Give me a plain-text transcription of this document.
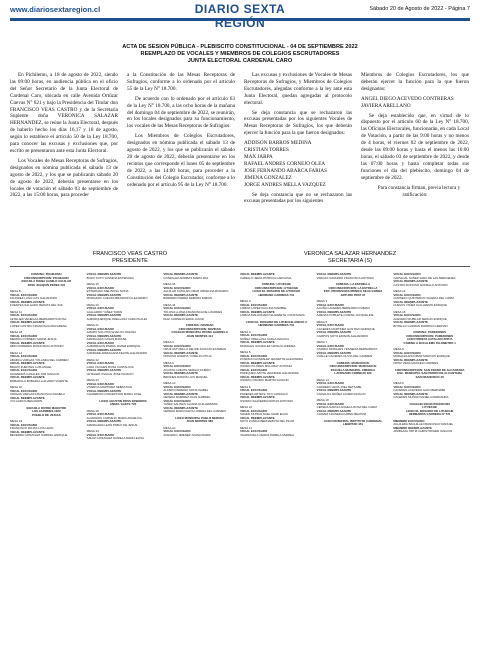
www.diariosextaregion.cl	DIARIO SEXTA REGIÓN
Sábado 20 de Agosto de 2022 - Página 7
ACTA DE SESION PÚBLICA - PLEBISCITO CONSTITUCIONAL - 04 DE SEPTIEMBRE 2022
REEMPLAZO DE VOCALES Y MIEMBROS DE COLEGIOS ESCRUTADORES
JUNTA ELECTORAL CARDENAL CARO

En Pichilemu, a 18 de agosto de 2022, siendo las 09:00 horas, en audiencia pública en el oficio del Señor Secretario de la Junta Electoral de Cardenal Caro, ubicada en calle Avenida Ortúzar Cuevas N° 621 y bajo la Presidencia del Titular don FRANCISCO VEAS CASTRO y de la Secretaria Suplente doña VERONICA SALAZAR HERNANDEZ, se reúne la Junta Electoral, después de haberlo hecho los días 16,17 y 18 de agosto, según lo establece el artículo 50 de la Ley 18.700, para conocer las excusas y exclusiones que, por escrito se presentaron ante esta Junta Electoral.

Los Vocales de Mesas Receptoras de Sufragios, designados en nómina publicada el sábado 13 de agosto de 2022, y los que se publicarán sábado 20 de agosto de 2022, deberán presentarse en los locales de votación el sábado 03 de septiembre de 2022, a las 15:00 horas, para proceder

a la Constitución de las Mesas Receptoras de Sufragios, conforme a lo ordenado por el artículo 55 de la Ley N° 18.700.

De acuerdo con lo ordenado por el artículo 63 de la Ley N° 18.700, a las ocho horas de la mañana del domingo 04 de septiembre de 2022, se reunirán, en los locales designados para su funcionamiento, los vocales de las Mesas Receptoras de Sufragios.

Los Miembros de Colegios Escrutadores, designados en nómina publicada el sábado 13 de agosto de 2022, y los que se publicarán el sábado 20 de agosto de 2022, deberán presentarse en los recintos que corresponde el lunes 05 de septiembre de 2022, a las 14:00 horas, para proceder a la Constitución del Colegio Escrutador, conforme a lo ordenado por el artículo 95 de la Ley N° 18.700.

Las excusas y exclusiones de Vocales de Mesas Receptoras de Sufragios, y Miembros de Colegios Escrutadores, alegadas conforme a la ley ante esta Junta Electoral, quedan agregadas al protocolo electoral.

Se deja constancia que se rechazaron las excusas presentadas por los siguientes Vocales de Mesas Receptoras de Sufragios, los que deberán ejercer la función para la que fueron designados:

ADDISON BARROS MEDINA

CRISTIAN TORRES

MAX JARPA

RAFAEL ANDRES CORNEJO OLEA

JOSE FERNANDO ABARCA FARIAS

JIMENA GONZALEZ

JORGE ANDRES MELLA VAZQUEZ

Se deja constancia que no se rechazaron las excusas presentadas por los siguientes

Miembros de Colegios Escrutadores, los que deberán ejercer la función para la que fueron designados:

ANGEL DIEGO ACEVEDO CONTRERAS

JAVIERA ARELLANO

Se deja establecido que, en virtud de lo dispuesto por el artículo 60 de la Ley N° 18.700, las Oficinas Electorales, funcionarán, en cada Local de Votación, a partir de las 9:00 horas y no menos de 4 horas, el viernes 02 de septiembre de 2022, desde las 09:00 horas y hasta el menos las 16:00 horas, el sábado 03 de septiembre de 2022, y desde las 07:00 horas y hasta completar todas sus funciones el día del plebiscito, domingo 04 de septiembre de 2022.

Para constancia firman, previa lectura y ratificación:

FRANCISCO VEAS CASTRO
PRESIDENTE
VERONICA SALAZAR HERNANDEZ
SECRETARIA (S)
COMUNA: PICHILEMU
CIRCUNSCRIPCION: PICHILEMU
ESCUELA DIGNA CAMILO AGUILAR
JOSE JOAQUIN PEREZ 201
MESA 8
VOCAL EXCUSADO
FAUNDEZ LUNA LUIS ALEJANDRO
VOCAL REEMPLAZANTE
FUENTES SALGADO RENATA DEL SOL
MESA 11
VOCAL EXCUSADO
LETELIER VENEGAS BERNARDITA ROSA
VOCAL REEMPLAZANTE
LOPEZ CASTRO FRANCISCA MACARENA
MESA 18
VOCAL EXCUSADO
MERIÑO CORNEJO MARIA JESUS
VOCAL REEMPLAZANTE
MIRO PAREDES FRANCISCO ANTONIO
MESA 14
VOCAL EXCUSADO
ABARCA VARGAS YOLANDA DEL CARMEN
VOCAL REEMPLAZANTE
BRAVO FUENTES LUIS ANGEL
VOCAL EXCUSADO
SAAVEDRA CANALES JOB IGNACIO
VOCAL REEMPLAZANTE
BOBADILLA BOBADILLA ALVARO VICENTE
MESA 16
VOCAL EXCUSADO
VARGAS VARGAS FRANCISCA DANIELA
VOCAL REEMPLAZANTE
VIU GARCIA BENJAMIN
ESCUELA DIVINO MAESTRO
LOS JAZMINES 1020
PUEBLO DE VIUDAS
MESA 19
VOCAL EXCUSADO
FRANCISCO ROJAS LUIS LEON
VOCAL REEMPLAZANTE
BECERRA GONZALEZ GABRIEL ENRIQUE
VOCAL REEMPLAZANTE
BOZO SOTO YASMINA ESTEFANIA
MESA 19
VOCAL EXCUSADO
ESTERIANO MELINOSA SOFIA
VOCAL REEMPLAZANTE
MORGADO CUEVAS BRANDON ALEJANDRO
MESA 20
VOCAL EXCUSADO
GALLARDO YAÑEZ TURIN
VOCAL REEMPLAZANTE
ALBURQUENQUE ORELLANA CARLOS ALEJ
MESA 21
VOCAL EXCUSADO
AMARO SOL PINO EVELYN JOHANA
VOCAL REEMPLAZANTE
ARRIAGADA CASAS MANUEL
VOCAL EXCUSADO
ALBARRACIN PARRA JAVIER ENRIQUE
VOCAL REEMPLAZANTE
ANDRADE ARRIAGADA FELIPE ALEJANDRO
MESA 22
VOCAL EXCUSADO
LARA VILCHES ROSA CANTALICIA
VOCAL REEMPLAZANTE
LETELIER OVALLE JOSE IGNACIO
MESA 23
VOCAL EXCUSADO
VIVEROS MARTINEZ SEBASTIAN
VOCAL REEMPLAZANTE
CALDERON CONCEPCION MARIA JOSE
LICEO AGUSTIN ROSS EDWARDS
ANGEL GAETE 725
MESA 28
VOCAL EXCUSADO
ALVARADO CORNEJO MARIA ANGELICA
VOCAL REEMPLAZANTE
ARRIAGADA LEON PABLO DE JESUS
MESA 34
VOCAL EXCUSADO
SALAZ GONZALEZ DANIELA MARIA ELISA
VOCAL REEMPLAZANTE
GONZALEZ ARRIBAS MARIA PAZ
MESA 36
VOCAL EXCUSADO
AGUILAR CATALAN OMAR ORFELINA ROSARIO
VOCAL REEMPLAZANTE
BARRERO PEREZ DEBORA FABIAN
MESA 44
VOCAL EXCUSADO
TOLOSA LLOMA FRANCISCA DE LOURDES
VOCAL REEMPLAZANTE
DIAZ CORNEJO ERICK DAVID
COMUNA: NAVIDAD
CIRCUNSCRIPCION: NAVIDAD
COLEGIO MUNICIPAL DIVINA GABRIELA
JUAN MONTES 114
MESA 3
VOCAL EXCUSADO
CRUZ ASTUDILLO FELIPE IGNACIO ESTEBAN
VOCAL REEMPLAZANTE
DONOSO HUERTA YOSELIN OTILIA
MESA 6
VOCAL EXCUSADO
ACOSTA CUEVAS SERGIO FABIAN
VOCAL REEMPLAZANTE
BRIONES RAMOS LUIS MANUEL
MESA 10
VOCAL EXCUSADO
ALFARO PEREIRA SOFIA ISABEL
VOCAL REEMPLAZANTE
CEPEDA RAMIREZ JUAN GABRIEL
VOCAL EXCUSADO
YAÑEZ SALINAS GLORIA GUILLERMINA
VOCAL REEMPLAZANTE
CEPEDA MARCOLETA LORENA DEL CARMEN
LICEO MUNICIPAL PABLO NERUDA
JUAN MONTES 083
MESA 10
VOCAL EXCUSADO
ACEVEDO JIMENEZ JUANA MARIA
VOCAL REEMPLAZANTE
CABELLO JERIA PATRICIA CAROLINA
COMUNA: LITUECHE
CIRCUNSCRIPCION: LITUECHE
LICEO EL ROSARIO DE LITUECHE
HERMANO CARRERA 731
MESA 3
VOCAL EXCUSADO
LISBOA LOPEZ PAULINA MARIBEL
VOCAL REEMPLAZANTE
LISBOA MALDONADO ELIZABETH CONSTANZA
LICEO EL ROSARIO DE LITUECHE ANEXO 2
HERMANO CARRERA 731
MESA 3
VOCAL EXCUSADO
NUÑEZ ORELLANA CARLA IGNACIA
VOCAL REEMPLAZANTE
MORALES GONZALEZ NATALIA ANDREA
MESA 5
VOCAL EXCUSADO
ZYARZUN GONZALEZ JEANETTE ALEJANDRA
VOCAL REEMPLAZANTE
OSORIO FLORES MILLARAY ANTONIA
VOCAL EXCUSADO
PAINIQUEO AZOTE JENNIFER ALEJANDRA
VOCAL REEMPLAZANTE
OSORIO OSORIO MARTIN IGNACIO
MESA 6
VOCAL EXCUSADO
PAREDES ARTETE TITO GONZALO
VOCAL REEMPLAZANTE
OSORIO SAAVEDRA MATIAS ANTONIO
MESA 10
VOCAL EXCUSADO
SHAER KIUNGO NAEL NAIRI ELIAS
VOCAL REEMPLAZANTE
SOTO ZUÑIGA BERNARDITA DEL PILAR
MESA 11
VOCAL EXCUSADO
VALENZUELA CERDA PAMELA ANDREA
VOCAL REEMPLAZANTE
VARGAS NAVARRO FRANCISCA ANTONIA
COMUNA: LA ESTRELLA
CIRCUNSCRIPCION: LA ESTRELLA
ESC. PROFESORA MONICA SILVA GOMEZ
ARTURO PRAT 97
MESA 3
VOCAL EXCUSADO
ACUÑA CACERES BERNARDO FABIAN
VOCAL REEMPLAZANTE
ARENAS POBLETE CORINA JACQUELINE
MESA 5
VOCAL EXCUSADO
CACERES MARTINEZ GUSTAVO ENRIQUE
VOCAL REEMPLAZANTE
CAMPOS SOTO EDISON ALEJANDRO
MESA 7
VOCAL EXCUSADO
OSORIO MORALES YESSENIA BERNARDITA
VOCAL REEMPLAZANTE
OVALLE CACERES OLIVIA DEL CARMEN
COMUNA: MARCHIGÜE
CIRCUNSCRIPCION: MARCHIGÜE
ESCUELA MUNICIPAL AMERICA
LAUREANO CORNEJO 220
MESA 14
VOCAL EXCUSADO
CARREZO LEIVA JOEL BETSABE
VOCAL REEMPLAZANTE
CARVAJAL NUÑEZ JAVIER IGNACIO
MESA 18
VOCAL EXCUSADO
CEPEDA GARCIA ANGELA ROSA DEL CARM
VOCAL REEMPLAZANTE
CHAVEZ ARANEDA KAREN BEATRIZ
LICEO MUNICIPAL INSTITUTO CARDENAL
LIBERTAD 451
VOCAL EXCUSADO
CARVAJAL NUÑEZ SARA DE LAS MERCEDES
VOCAL REEMPLAZANTE
CASTRO DONOSO GONZALO ANTONIO
MESA 12
VOCAL EXCUSADO
CORNEJO QUINTEROS VALERIA DEL CARM
VOCAL REEMPLAZANTE
CUEVAS YAÑEZ GUILLERMO ENRIQUE
MESA 18
VOCAL EXCUSADO
ACEVEDO RUBILAR SERGIO ENRIQUE
VOCAL REEMPLAZANTE
BOTELLO GUZMAN RODRIGO HERNAN
COMUNA: PAREDONES
CIRCUNSCRIPCION: PAREDONES
LICEO MIREYA CATALAN URZUA
CAMINO A BUCALEMU KILOMETRO 1
MESA 5
VOCAL EXCUSADO
MORALES ESCOBAR MARCOS ENRIQUE
VOCAL REEMPLAZANTE
ORTIZ VERA MARCELO ANDRES
CIRCUNSCRIPCION: SAN PEDRO DE ALCANTARA
ESC. MUNICIPAL SAN PEDRO DE ALCANTARA
SAN FRANCISCO 46
MESA 6
VOCAL EXCUSADO
CACERES ACEVEDO ALDO BERNABE
VOCAL REEMPLAZANTE
CACERES MUÑOZ DANIELA FERNANDA
COLEGIO ESCRUTADOR N23
LITUECHE
LICEO EL ROSARIO DE LITUECHE
HERMANOS CARRERA N° 731
MIEMBRO EXCUSADO
AGUILERA BACHILLE FRANCISCO MANUEL
MIEMBRO REEMPLAZANTE
APABLAZA ORTIZ CHRISTOPHER IGNACIO
